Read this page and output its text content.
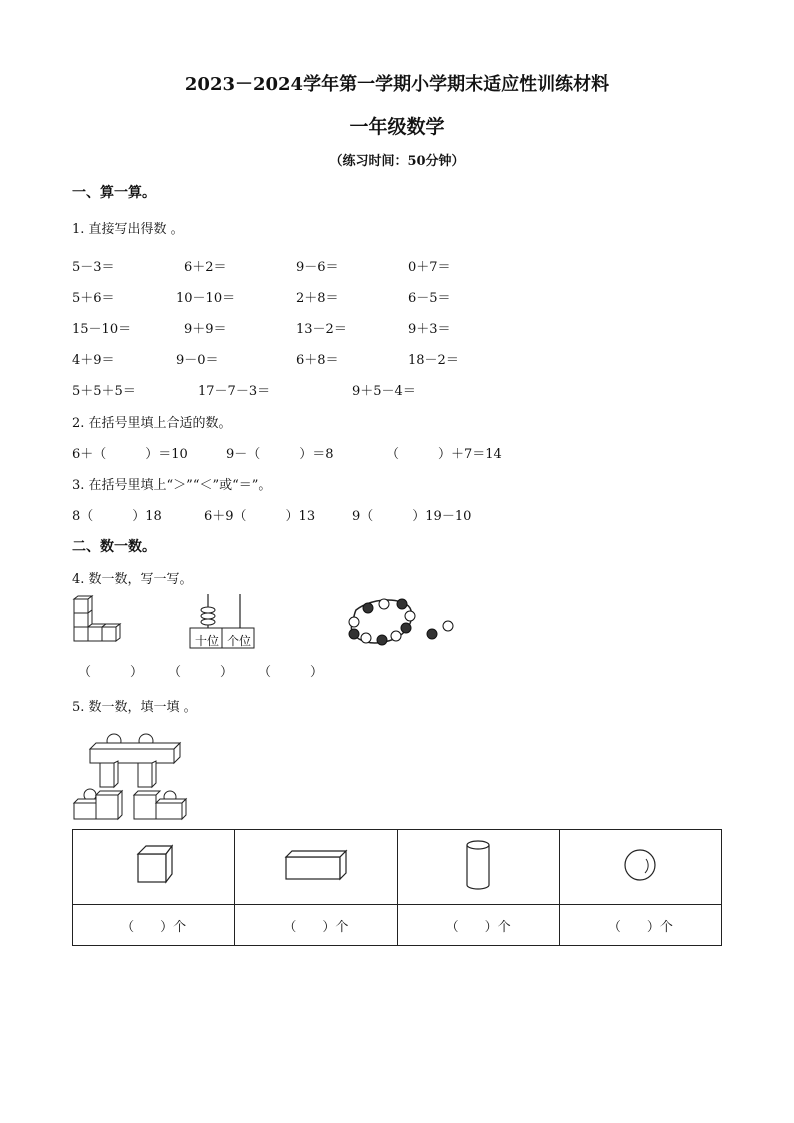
2023－2024学年第一学期小学期末适应性训练材料
一年级数学
（练习时间：50分钟）
一、算一算。
1. 直接写出得数 。
5－3＝	6＋2＝	9－6＝	0＋7＝
5＋6＝	10－10＝	2＋8＝	6－5＝
15－10＝	9＋9＝	13－2＝	9＋3＝
4＋9＝	9－0＝	6＋8＝	18－2＝
5＋5＋5＝	17－7－3＝	9＋5－4＝
2. 在括号里填上合适的数。
6＋（　　　）＝10	9－（　　　）＝8	（　　　）＋7＝14
3. 在括号里填上“＞”“＜”或“＝”。
8（　　　）18	6＋9（　　　）13	9（　　　）19－10
二、数一数。
4. 数一数，写一写。
十位 个位
（　　　） （　　　） （　　　）
5. 数一数，填一填 。

（　　）个	（　　）个	（　　）个	（　　）个
